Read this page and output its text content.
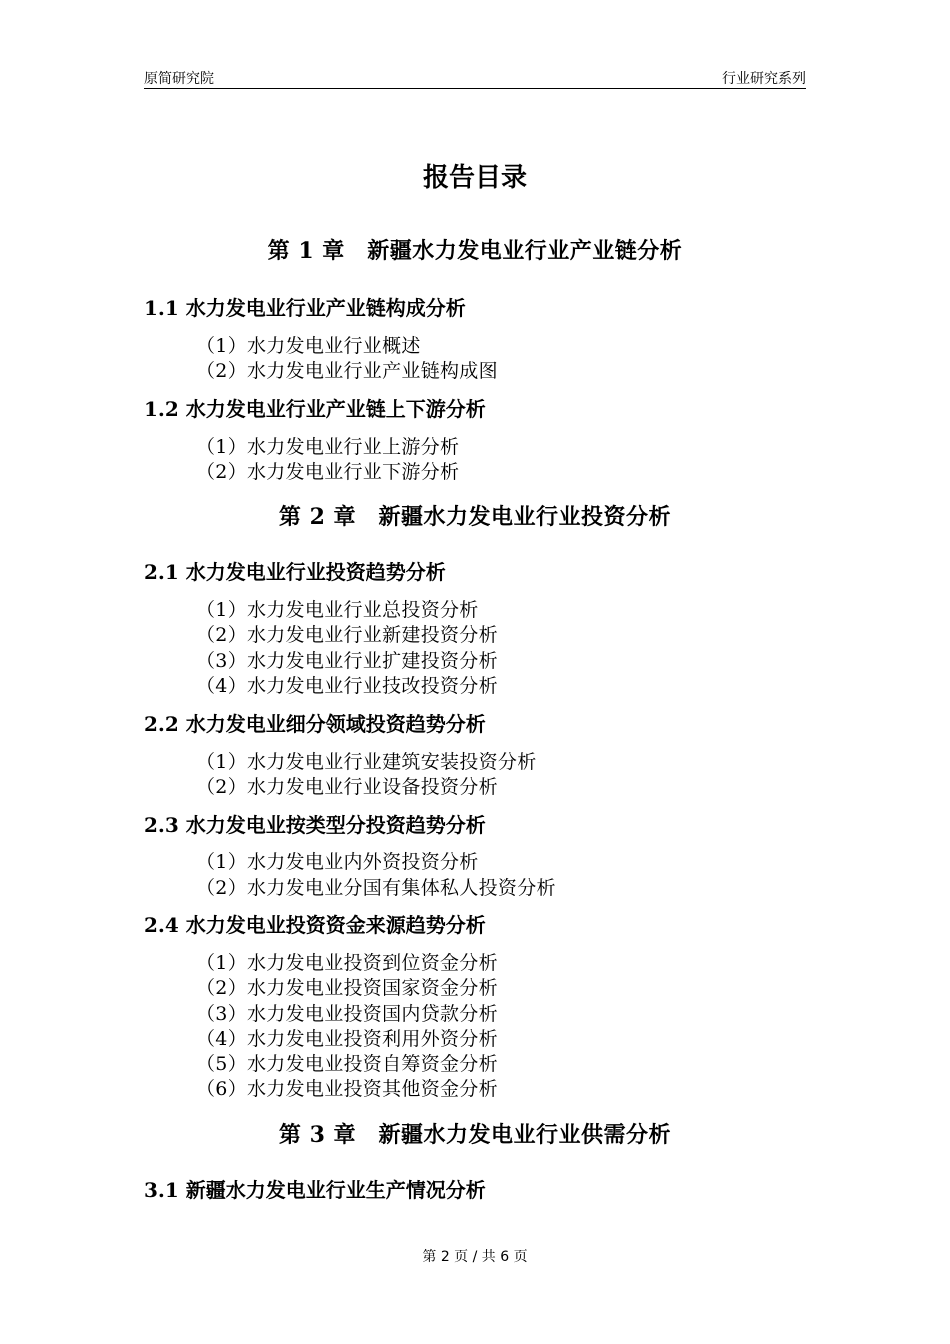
原简研究院	行业研究系列
报告目录
第 1 章　新疆水力发电业行业产业链分析
1.1 水力发电业行业产业链构成分析
（1）水力发电业行业概述
（2）水力发电业行业产业链构成图
1.2 水力发电业行业产业链上下游分析
（1）水力发电业行业上游分析
（2）水力发电业行业下游分析
第 2 章　新疆水力发电业行业投资分析
2.1 水力发电业行业投资趋势分析
（1）水力发电业行业总投资分析
（2）水力发电业行业新建投资分析
（3）水力发电业行业扩建投资分析
（4）水力发电业行业技改投资分析
2.2 水力发电业细分领域投资趋势分析
（1）水力发电业行业建筑安装投资分析
（2）水力发电业行业设备投资分析
2.3 水力发电业按类型分投资趋势分析
（1）水力发电业内外资投资分析
（2）水力发电业分国有集体私人投资分析
2.4 水力发电业投资资金来源趋势分析
（1）水力发电业投资到位资金分析
（2）水力发电业投资国家资金分析
（3）水力发电业投资国内贷款分析
（4）水力发电业投资利用外资分析
（5）水力发电业投资自筹资金分析
（6）水力发电业投资其他资金分析
第 3 章　新疆水力发电业行业供需分析
3.1 新疆水力发电业行业生产情况分析
第 2 页 / 共 6 页
